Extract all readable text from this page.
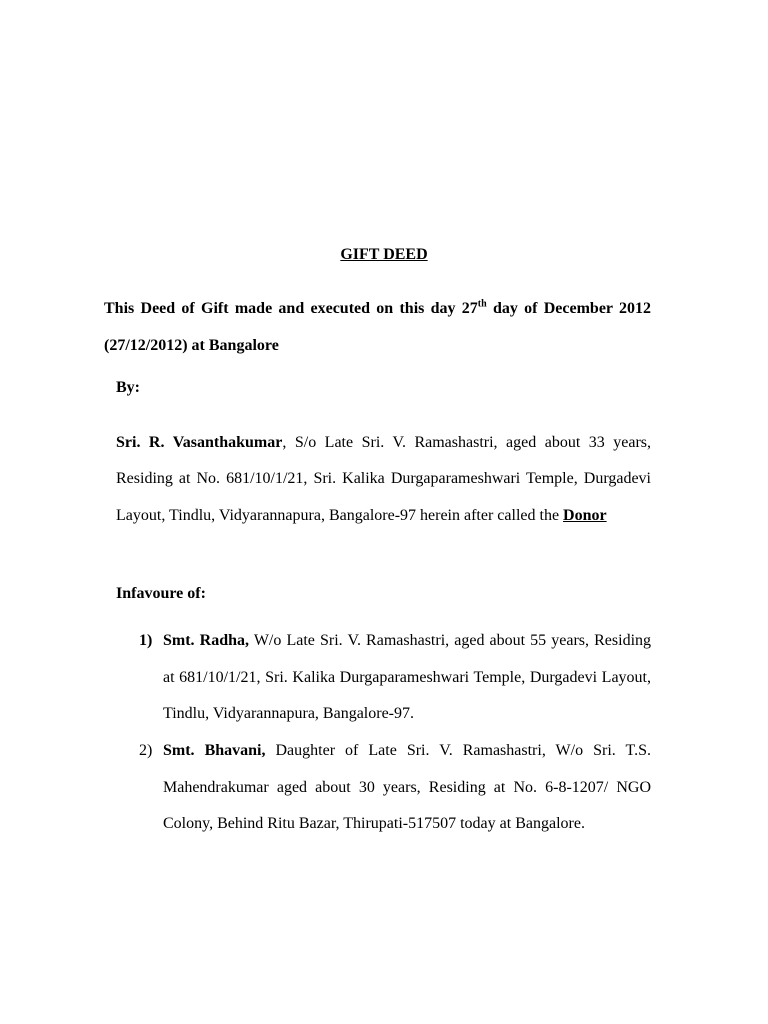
GIFT DEED
This Deed of Gift made and executed on this day 27th day of December 2012 (27/12/2012) at Bangalore
By:
Sri. R. Vasanthakumar, S/o Late Sri. V. Ramashastri, aged about 33 years, Residing at No. 681/10/1/21, Sri. Kalika Durgaparameshwari Temple, Durgadevi Layout, Tindlu, Vidyarannapura, Bangalore-97 herein after called the Donor
Infavoure of:
1) Smt. Radha, W/o Late Sri. V. Ramashastri, aged about 55 years, Residing at 681/10/1/21, Sri. Kalika Durgaparameshwari Temple, Durgadevi Layout, Tindlu, Vidyarannapura, Bangalore-97.
2) Smt. Bhavani, Daughter of Late Sri. V. Ramashastri, W/o Sri. T.S. Mahendrakumar aged about 30 years, Residing at No. 6-8-1207/ NGO Colony, Behind Ritu Bazar, Thirupati-517507 today at Bangalore.
